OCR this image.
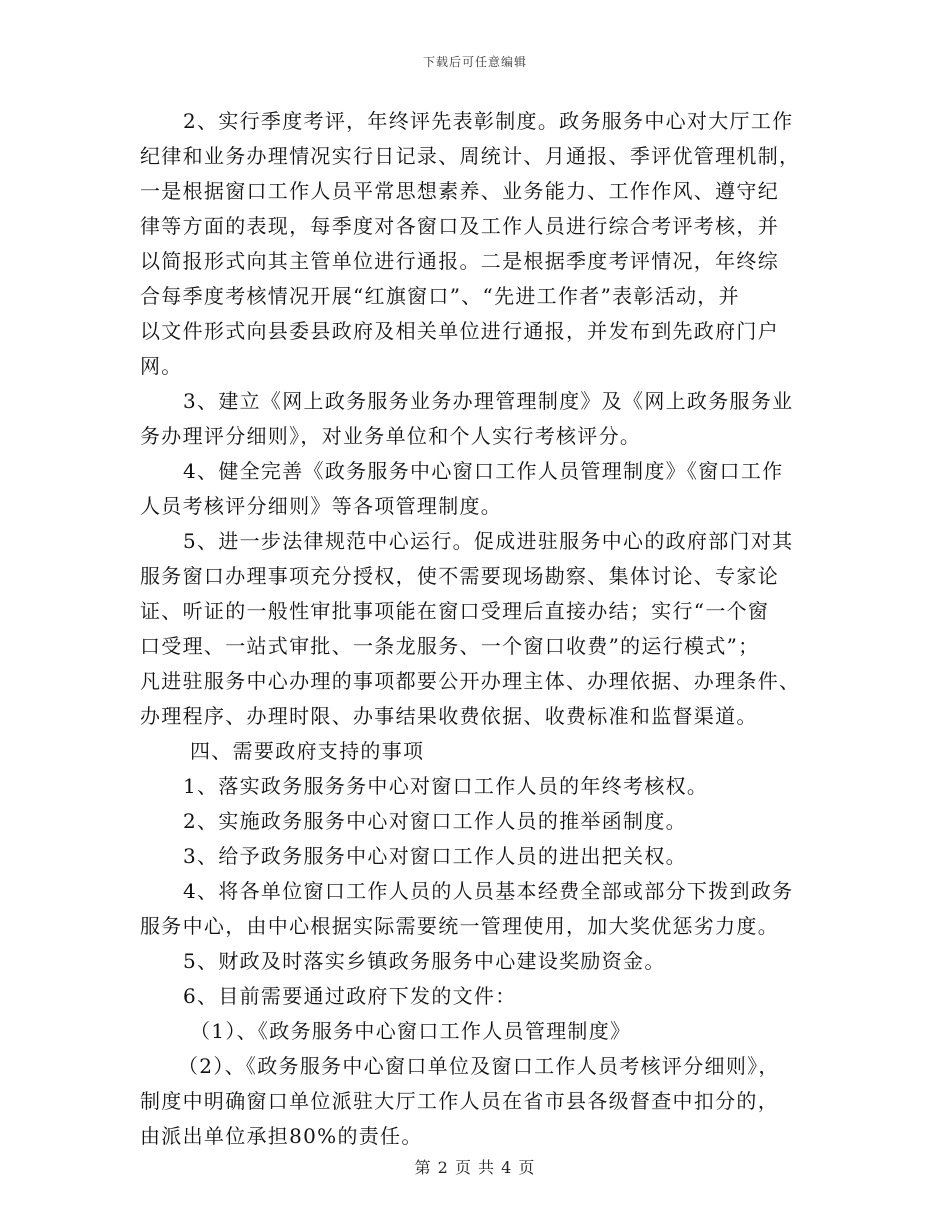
下载后可任意编辑
2、实行季度考评，年终评先表彰制度。政务服务中心对大厅工作
纪律和业务办理情况实行日记录、周统计、月通报、季评优管理机制，
一是根据窗口工作人员平常思想素养、业务能力、工作作风、遵守纪
律等方面的表现，每季度对各窗口及工作人员进行综合考评考核，并
以简报形式向其主管单位进行通报。二是根据季度考评情况，年终综
合每季度考核情况开展“红旗窗口”、“先进工作者”表彰活动，并
以文件形式向县委县政府及相关单位进行通报，并发布到先政府门户
网。
3、建立《网上政务服务业务办理管理制度》及《网上政务服务业
务办理评分细则》，对业务单位和个人实行考核评分。
4、健全完善《政务服务中心窗口工作人员管理制度》《窗口工作
人员考核评分细则》等各项管理制度。
5、进一步法律规范中心运行。促成进驻服务中心的政府部门对其
服务窗口办理事项充分授权，使不需要现场勘察、集体讨论、专家论
证、听证的一般性审批事项能在窗口受理后直接办结；实行“一个窗
口受理、一站式审批、一条龙服务、一个窗口收费”的运行模式”；
凡进驻服务中心办理的事项都要公开办理主体、办理依据、办理条件、
办理程序、办理时限、办事结果收费依据、收费标准和监督渠道。
四、需要政府支持的事项
1、落实政务服务务中心对窗口工作人员的年终考核权。
2、实施政务服务中心对窗口工作人员的推举函制度。
3、给予政务服务中心对窗口工作人员的进出把关权。
4、将各单位窗口工作人员的人员基本经费全部或部分下拨到政务
服务中心，由中心根据实际需要统一管理使用，加大奖优惩劣力度。
5、财政及时落实乡镇政务服务中心建设奖励资金。
6、目前需要通过政府下发的文件：
（1）、《政务服务中心窗口工作人员管理制度》
（2）、《政务服务中心窗口单位及窗口工作人员考核评分细则》，
制度中明确窗口单位派驻大厅工作人员在省市县各级督查中扣分的，
由派出单位承担80%的责任。
第 2 页 共 4 页
